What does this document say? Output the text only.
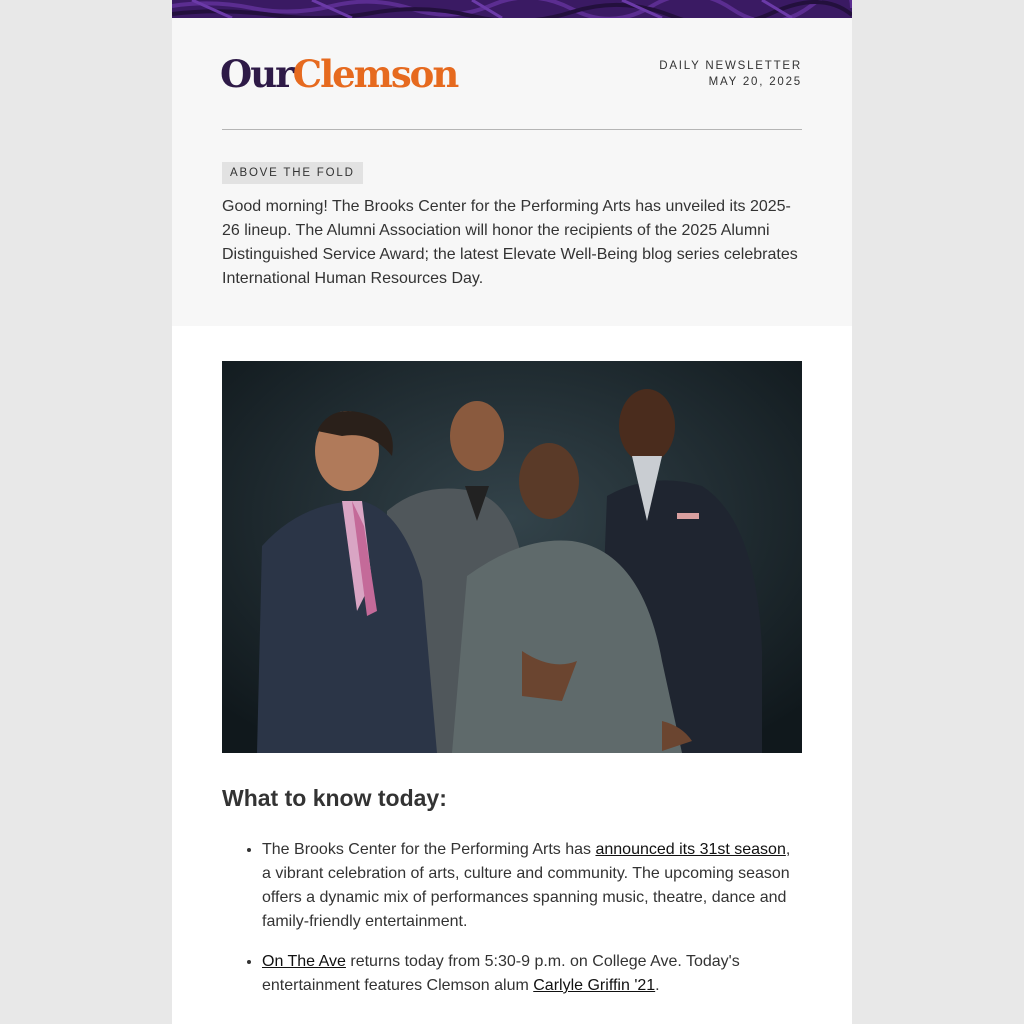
OurClemson	DAILY NEWSLETTER
MAY 20, 2025
ABOVE THE FOLD

Good morning! The Brooks Center for the Performing Arts has unveiled its 2025-26 lineup. The Alumni Association will honor the recipients of the 2025 Alumni Distinguished Service Award; the latest Elevate Well-Being blog series celebrates International Human Resources Day.

What to know today:
• The Brooks Center for the Performing Arts has announced its 31st season, a vibrant celebration of arts, culture and community. The upcoming season offers a dynamic mix of performances spanning music, theatre, dance and family-friendly entertainment.
• On The Ave returns today from 5:30-9 p.m. on College Ave. Today's entertainment features Clemson alum Carlyle Griffin '21.
